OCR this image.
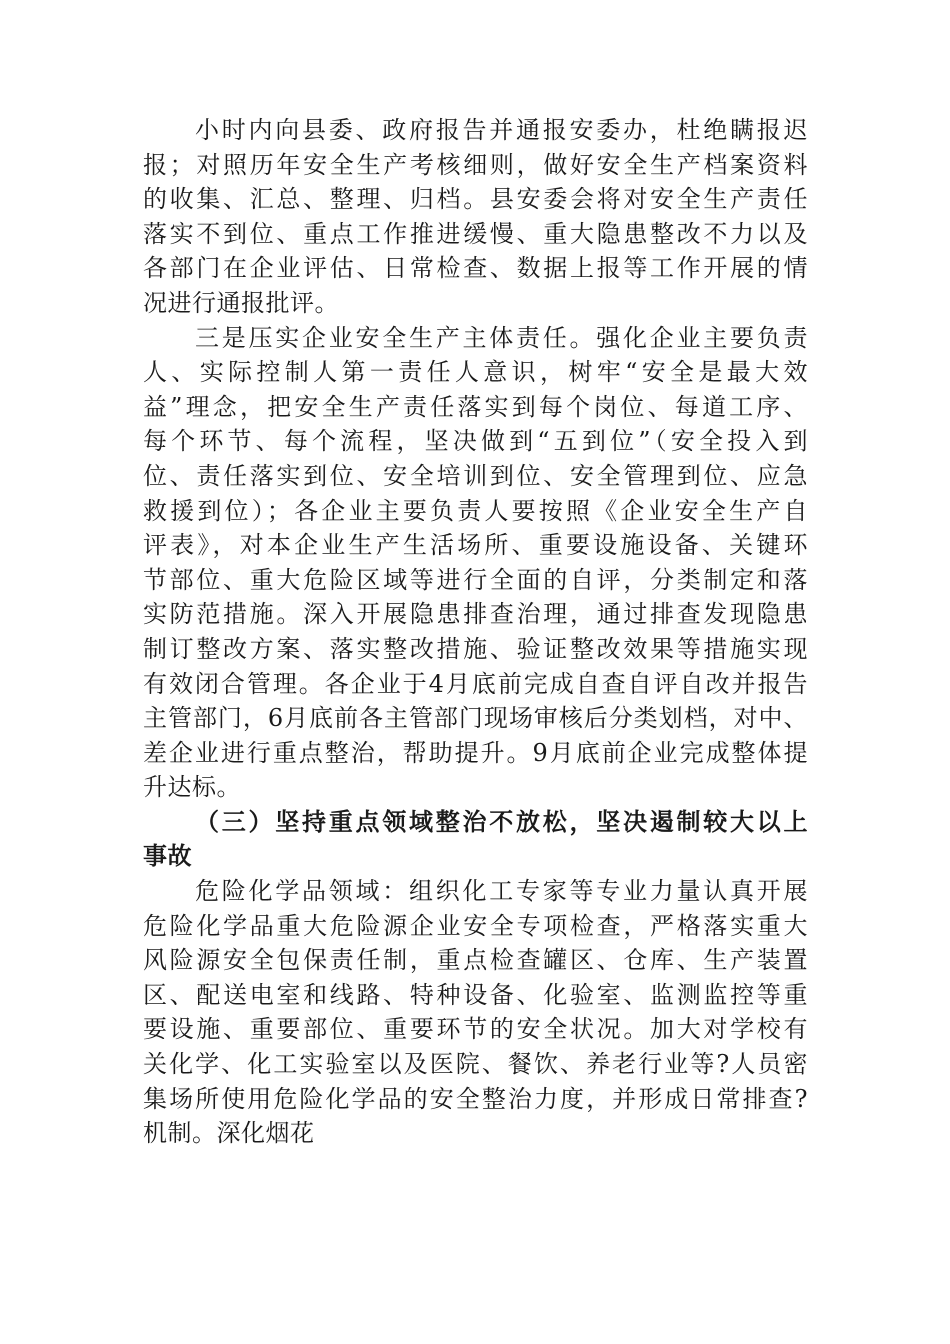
小时内向县委、政府报告并通报安委办，杜绝瞒报迟
报；对照历年安全生产考核细则，做好安全生产档案资料
的收集、汇总、整理、归档。县安委会将对安全生产责任
落实不到位、重点工作推进缓慢、重大隐患整改不力以及
各部门在企业评估、日常检查、数据上报等工作开展的情
况进行通报批评。
三是压实企业安全生产主体责任。强化企业主要负责
人、实际控制人第一责任人意识，树牢“安全是最大效
益”理念，把安全生产责任落实到每个岗位、每道工序、
每个环节、每个流程，坚决做到“五到位”（安全投入到
位、责任落实到位、安全培训到位、安全管理到位、应急
救援到位）；各企业主要负责人要按照《企业安全生产自
评表》，对本企业生产生活场所、重要设施设备、关键环
节部位、重大危险区域等进行全面的自评，分类制定和落
实防范措施。深入开展隐患排查治理，通过排查发现隐患
制订整改方案、落实整改措施、验证整改效果等措施实现
有效闭合管理。各企业于4月底前完成自查自评自改并报告
主管部门，6月底前各主管部门现场审核后分类划档，对中、
差企业进行重点整治，帮助提升。9月底前企业完成整体提
升达标。
（三）坚持重点领域整治不放松，坚决遏制较大以上
事故
危险化学品领域：组织化工专家等专业力量认真开展
危险化学品重大危险源企业安全专项检查，严格落实重大
风险源安全包保责任制，重点检查罐区、仓库、生产装置
区、配送电室和线路、特种设备、化验室、监测监控等重
要设施、重要部位、重要环节的安全状况。加大对学校有
关化学、化工实验室以及医院、餐饮、养老行业等?人员密
集场所使用危险化学品的安全整治力度，并形成日常排查?
机制。深化烟花
